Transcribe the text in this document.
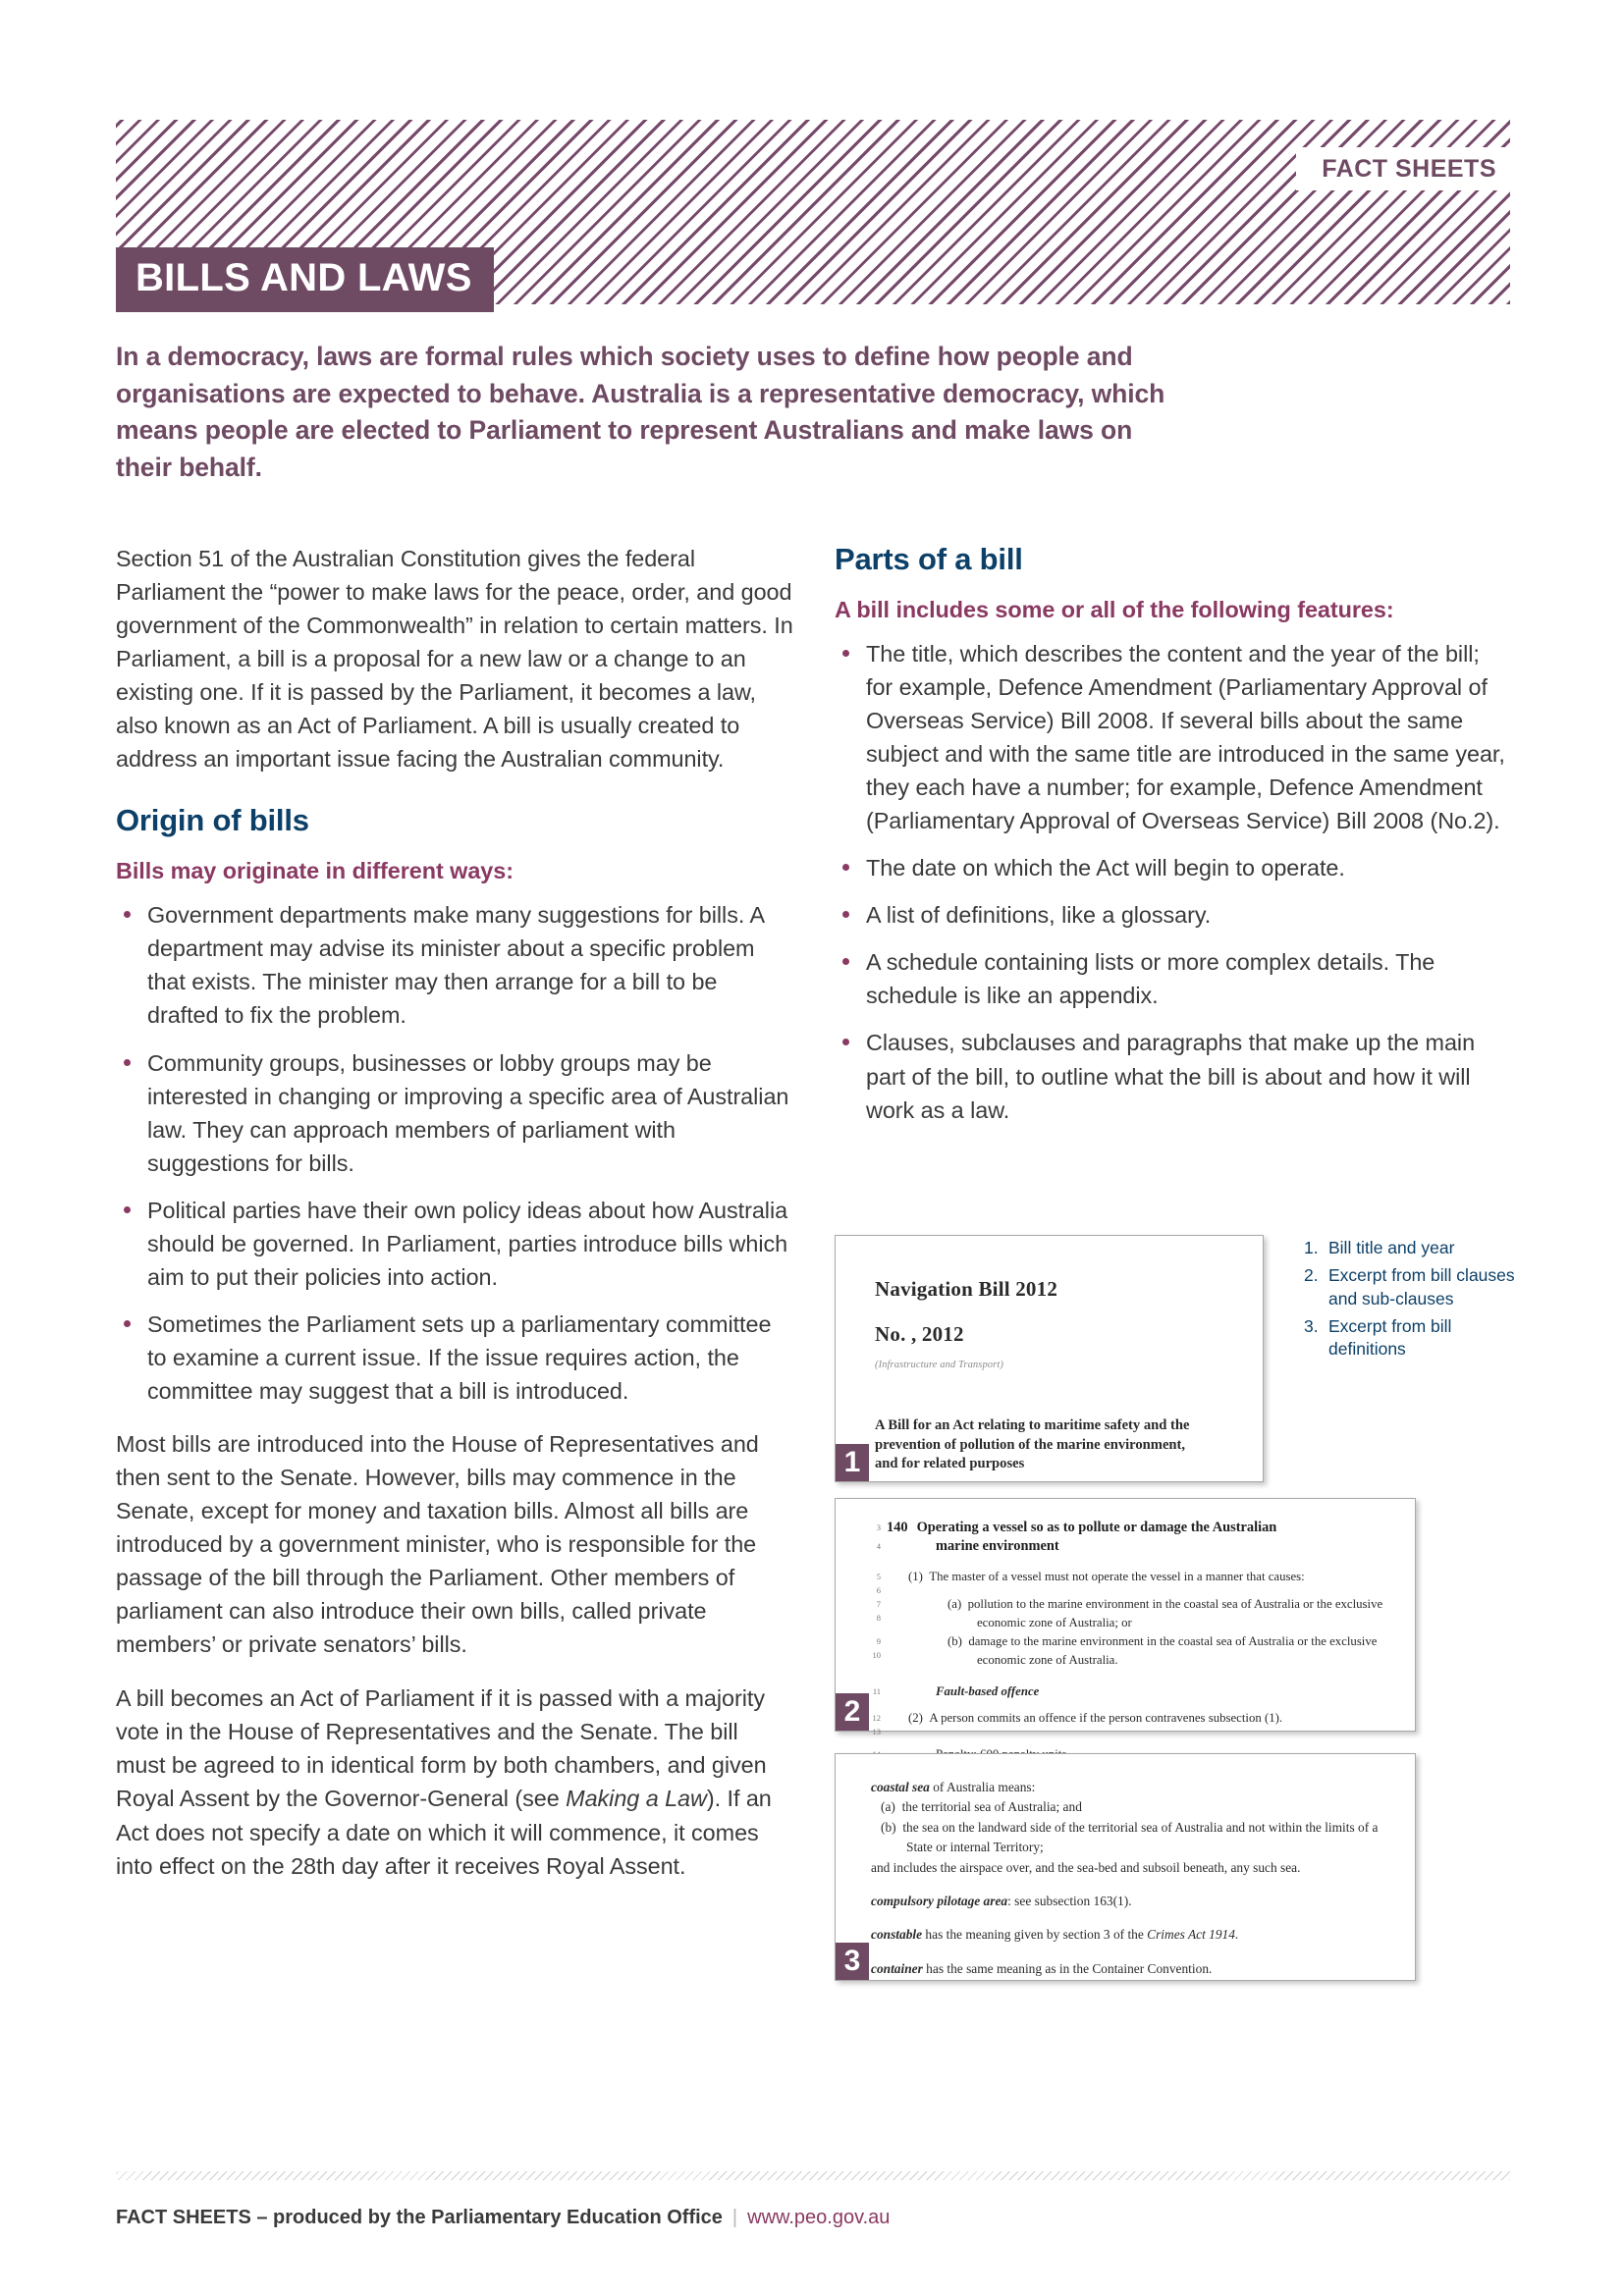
FACT SHEETS
BILLS AND LAWS
In a democracy, laws are formal rules which society uses to define how people and organisations are expected to behave. Australia is a representative democracy, which means people are elected to Parliament to represent Australians and make laws on their behalf.

Section 51 of the Australian Constitution gives the federal Parliament the “power to make laws for the peace, order, and good government of the Commonwealth” in relation to certain matters. In Parliament, a bill is a proposal for a new law or a change to an existing one. If it is passed by the Parliament, it becomes a law, also known as an Act of Parliament. A bill is usually created to address an important issue facing the Australian community.

Origin of bills
Bills may originate in different ways:
Government departments make many suggestions for bills. A department may advise its minister about a specific problem that exists. The minister may then arrange for a bill to be drafted to fix the problem.
Community groups, businesses or lobby groups may be interested in changing or improving a specific area of Australian law. They can approach members of parliament with suggestions for bills.
Political parties have their own policy ideas about how Australia should be governed. In Parliament, parties introduce bills which aim to put their policies into action.
Sometimes the Parliament sets up a parliamentary committee to examine a current issue. If the issue requires action, the committee may suggest that a bill is introduced.

Most bills are introduced into the House of Representatives and then sent to the Senate. However, bills may commence in the Senate, except for money and taxation bills. Almost all bills are introduced by a government minister, who is responsible for the passage of the bill through the Parliament. Other members of parliament can also introduce their own bills, called private members’ or private senators’ bills.

A bill becomes an Act of Parliament if it is passed with a majority vote in the House of Representatives and the Senate. The bill must be agreed to in identical form by both chambers, and given Royal Assent by the Governor-General (see Making a Law). If an Act does not specify a date on which it will commence, it comes into effect on the 28th day after it receives Royal Assent.

Parts of a bill
A bill includes some or all of the following features:
The title, which describes the content and the year of the bill; for example, Defence Amendment (Parliamentary Approval of Overseas Service) Bill 2008. If several bills about the same subject and with the same title are introduced in the same year, they each have a number; for example, Defence Amendment (Parliamentary Approval of Overseas Service) Bill 2008 (No.2).
The date on which the Act will begin to operate.
A list of definitions, like a glossary.
A schedule containing lists or more complex details. The schedule is like an appendix.
Clauses, subclauses and paragraphs that make up the main part of the bill, to outline what the bill is about and how it will work as a law.
Navigation Bill 2012
No. , 2012
(Infrastructure and Transport)
A Bill for an Act relating to maritime safety and the prevention of pollution of the marine environment, and for related purposes
1
3 140 Operating a vessel so as to pollute or damage the Australian
4	marine environment
5
6
(1) The master of a vessel must not operate the vessel in a manner that causes:
7
8
(a) pollution to the marine environment in the coastal sea of Australia or the exclusive economic zone of Australia; or
9
10
(b) damage to the marine environment in the coastal sea of Australia or the exclusive economic zone of Australia.
11	Fault-based offence
12
13
(2) A person commits an offence if the person contravenes subsection (1).
2
coastal sea of Australia means:
(a) the territorial sea of Australia; and
(b) the sea on the landward side of the territorial sea of Australia and not within the limits of a State or internal Territory;
and includes the airspace over, and the sea-bed and subsoil beneath, any such sea.
compulsory pilotage area: see subsection 163(1).
constable has the meaning given by section 3 of the Crimes Act 1914.
container has the same meaning as in the Container Convention.
3
1. Bill title and year
2. Excerpt from bill clauses and sub-clauses
3. Excerpt from bill definitions
FACT SHEETS – produced by the Parliamentary Education Office | www.peo.gov.au
